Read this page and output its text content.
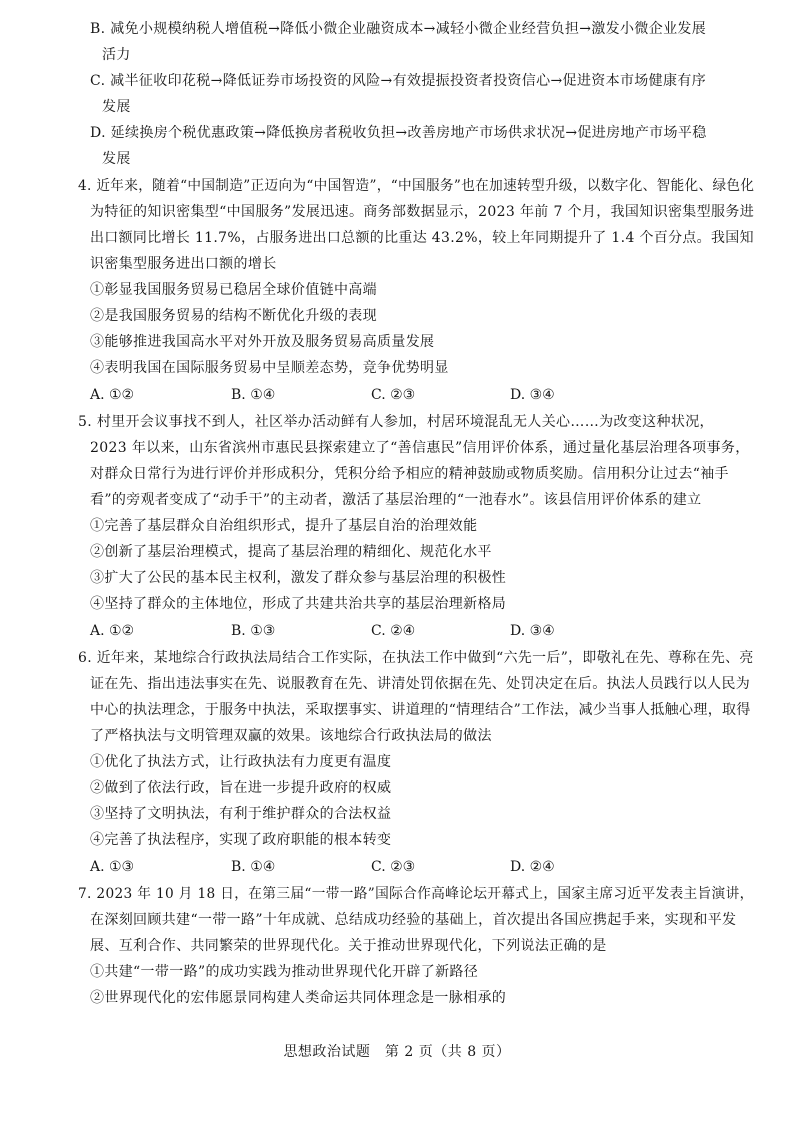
B. 减免小规模纳税人增值税→降低小微企业融资成本→减轻小微企业经营负担→激发小微企业发展
活力
C. 减半征收印花税→降低证券市场投资的风险→有效提振投资者投资信心→促进资本市场健康有序
发展
D. 延续换房个税优惠政策→降低换房者税收负担→改善房地产市场供求状况→促进房地产市场平稳
发展
4. 近年来，随着“中国制造”正迈向为“中国智造”，“中国服务”也在加速转型升级，以数字化、智能化、绿色化
为特征的知识密集型“中国服务”发展迅速。商务部数据显示，2023 年前 7 个月，我国知识密集型服务进
出口额同比增长 11.7%，占服务进出口总额的比重达 43.2%，较上年同期提升了 1.4 个百分点。我国知
识密集型服务进出口额的增长
①彰显我国服务贸易已稳居全球价值链中高端
②是我国服务贸易的结构不断优化升级的表现
③能够推进我国高水平对外开放及服务贸易高质量发展
④表明我国在国际服务贸易中呈顺差态势，竞争优势明显
A. ①②	B. ①④	C. ②③	D. ③④
5. 村里开会议事找不到人，社区举办活动鲜有人参加，村居环境混乱无人关心……为改变这种状况，
2023 年以来，山东省滨州市惠民县探索建立了“善信惠民”信用评价体系，通过量化基层治理各项事务，
对群众日常行为进行评价并形成积分，凭积分给予相应的精神鼓励或物质奖励。信用积分让过去“袖手
看”的旁观者变成了“动手干”的主动者，激活了基层治理的“一池春水”。该县信用评价体系的建立
①完善了基层群众自治组织形式，提升了基层自治的治理效能
②创新了基层治理模式，提高了基层治理的精细化、规范化水平
③扩大了公民的基本民主权利，激发了群众参与基层治理的积极性
④坚持了群众的主体地位，形成了共建共治共享的基层治理新格局
A. ①②	B. ①③	C. ②④	D. ③④
6. 近年来，某地综合行政执法局结合工作实际，在执法工作中做到“六先一后”，即敬礼在先、尊称在先、亮
证在先、指出违法事实在先、说服教育在先、讲清处罚依据在先、处罚决定在后。执法人员践行以人民为
中心的执法理念，于服务中执法，采取摆事实、讲道理的“情理结合”工作法，减少当事人抵触心理，取得
了严格执法与文明管理双赢的效果。该地综合行政执法局的做法
①优化了执法方式，让行政执法有力度更有温度
②做到了依法行政，旨在进一步提升政府的权威
③坚持了文明执法，有利于维护群众的合法权益
④完善了执法程序，实现了政府职能的根本转变
A. ①③	B. ①④	C. ②③	D. ②④
7. 2023 年 10 月 18 日，在第三届“一带一路”国际合作高峰论坛开幕式上，国家主席习近平发表主旨演讲，
在深刻回顾共建“一带一路”十年成就、总结成功经验的基础上，首次提出各国应携起手来，实现和平发
展、互利合作、共同繁荣的世界现代化。关于推动世界现代化，下列说法正确的是
①共建“一带一路”的成功实践为推动世界现代化开辟了新路径
②世界现代化的宏伟愿景同构建人类命运共同体理念是一脉相承的
思想政治试题　第 2 页（共 8 页）
